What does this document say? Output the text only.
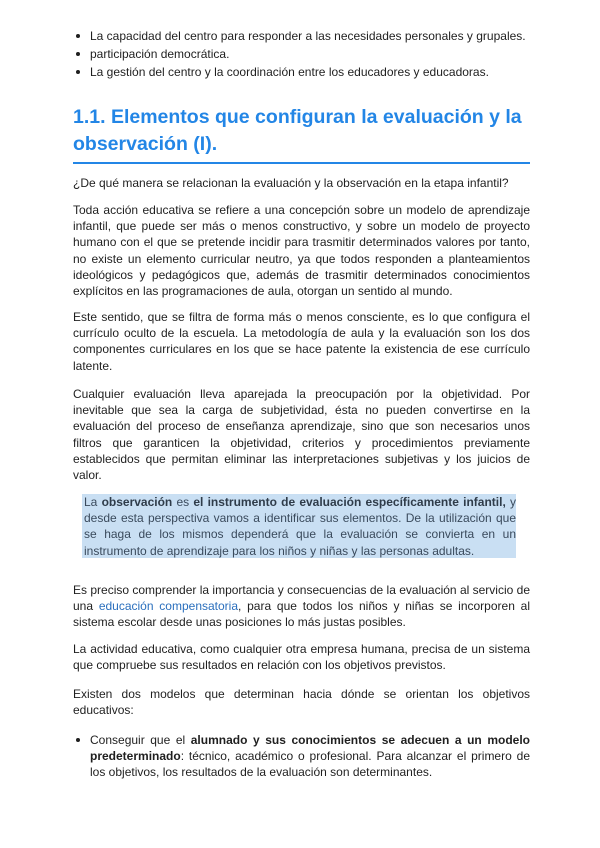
La capacidad del centro para responder a las necesidades personales y grupales.
participación democrática.
La gestión del centro y la coordinación entre los educadores y educadoras.
1.1. Elementos que configuran la evaluación y la observación (I).

¿De qué manera se relacionan la evaluación y la observación en la etapa infantil?

Toda acción educativa se refiere a una concepción sobre un modelo de aprendizaje infantil, que puede ser más o menos constructivo, y sobre un modelo de proyecto humano con el que se pretende incidir para trasmitir determinados valores por tanto, no existe un elemento curricular neutro, ya que todos responden a planteamientos ideológicos y pedagógicos que, además de trasmitir determinados conocimientos explícitos en las programaciones de aula, otorgan un sentido al mundo.

Este sentido, que se filtra de forma más o menos consciente, es lo que configura el currículo oculto de la escuela. La metodología de aula y la evaluación son los dos componentes curriculares en los que se hace patente la existencia de ese currículo latente.

Cualquier evaluación lleva aparejada la preocupación por la objetividad. Por inevitable que sea la carga de subjetividad, ésta no pueden convertirse en la evaluación del proceso de enseñanza aprendizaje, sino que son necesarios unos filtros que garanticen la objetividad, criterios y procedimientos previamente establecidos que permitan eliminar las interpretaciones subjetivas y los juicios de valor.

La observación es el instrumento de evaluación específicamente infantil, y desde esta perspectiva vamos a identificar sus elementos. De la utilización que se haga de los mismos dependerá que la evaluación se convierta en un instrumento de aprendizaje para los niños y niñas y las personas adultas.

Es preciso comprender la importancia y consecuencias de la evaluación al servicio de una educación compensatoria, para que todos los niños y niñas se incorporen al sistema escolar desde unas posiciones lo más justas posibles.

La actividad educativa, como cualquier otra empresa humana, precisa de un sistema que compruebe sus resultados en relación con los objetivos previstos.

Existen dos modelos que determinan hacia dónde se orientan los objetivos educativos:

Conseguir que el alumnado y sus conocimientos se adecuen a un modelo predeterminado: técnico, académico o profesional. Para alcanzar el primero de los objetivos, los resultados de la evaluación son determinantes.
